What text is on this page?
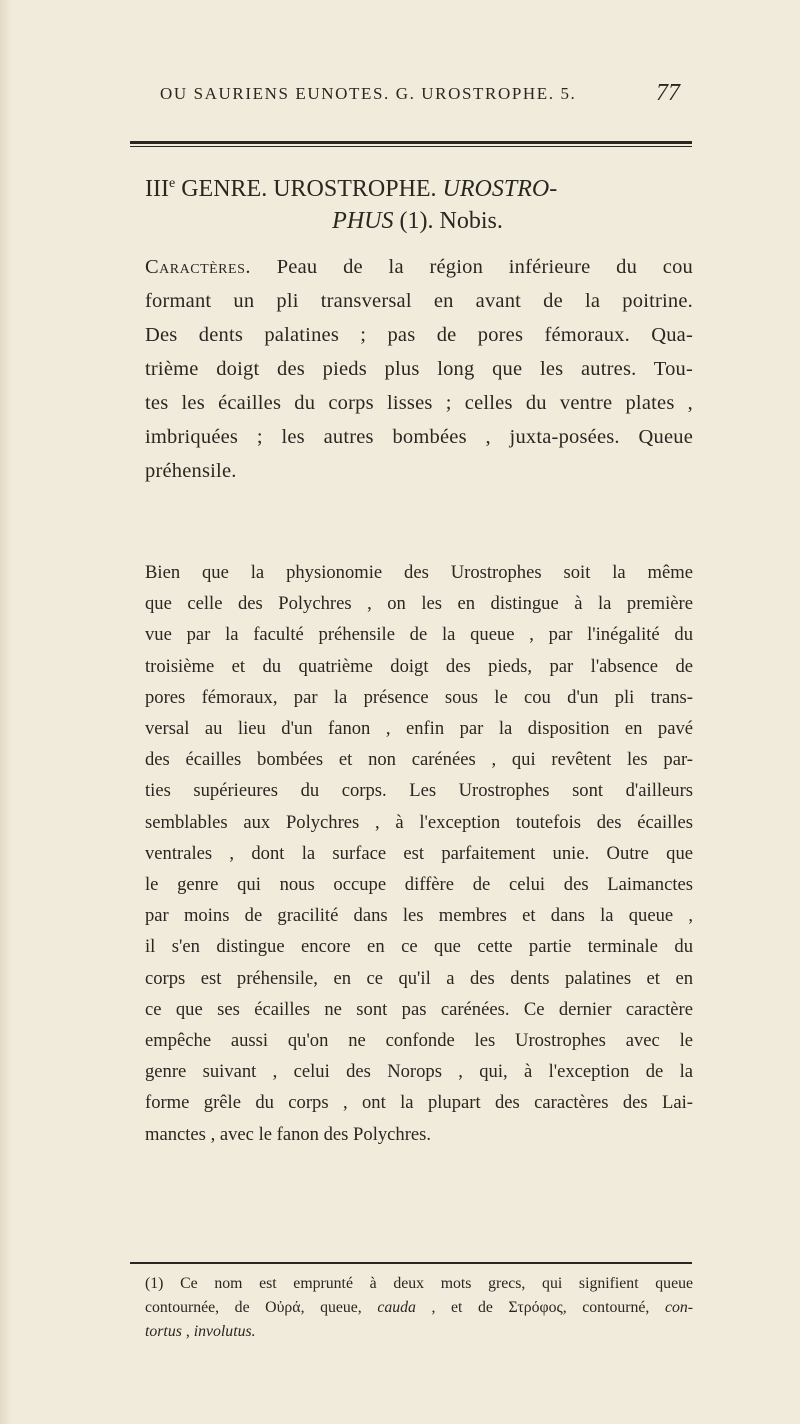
OU SAURIENS EUNOTES. G. UROSTROPHE. 5.	77
IIIe GENRE. UROSTROPHE. UROSTRO-
PHUS (1). Nobis.
Caractères. Peau de la région inférieure du cou
formant un pli transversal en avant de la poitrine.
Des dents palatines ; pas de pores fémoraux. Qua-
trième doigt des pieds plus long que les autres. Tou-
tes les écailles du corps lisses ; celles du ventre plates ,
imbriquées ; les autres bombées , juxta-posées. Queue
préhensile.
Bien que la physionomie des Urostrophes soit la même
que celle des Polychres , on les en distingue à la première
vue par la faculté préhensile de la queue , par l'inégalité du
troisième et du quatrième doigt des pieds, par l'absence de
pores fémoraux, par la présence sous le cou d'un pli trans-
versal au lieu d'un fanon , enfin par la disposition en pavé
des écailles bombées et non carénées , qui revêtent les par-
ties supérieures du corps. Les Urostrophes sont d'ailleurs
semblables aux Polychres , à l'exception toutefois des écailles
ventrales , dont la surface est parfaitement unie. Outre que
le genre qui nous occupe diffère de celui des Laimanctes
par moins de gracilité dans les membres et dans la queue ,
il s'en distingue encore en ce que cette partie terminale du
corps est préhensile, en ce qu'il a des dents palatines et en
ce que ses écailles ne sont pas carénées. Ce dernier caractère
empêche aussi qu'on ne confonde les Urostrophes avec le
genre suivant , celui des Norops , qui, à l'exception de la
forme grêle du corps , ont la plupart des caractères des Lai-
manctes , avec le fanon des Polychres.
(1) Ce nom est emprunté à deux mots grecs, qui signifient queue
contournée, de Οὐρά, queue, cauda , et de Στρόφος, contourné, con-
tortus , involutus.
